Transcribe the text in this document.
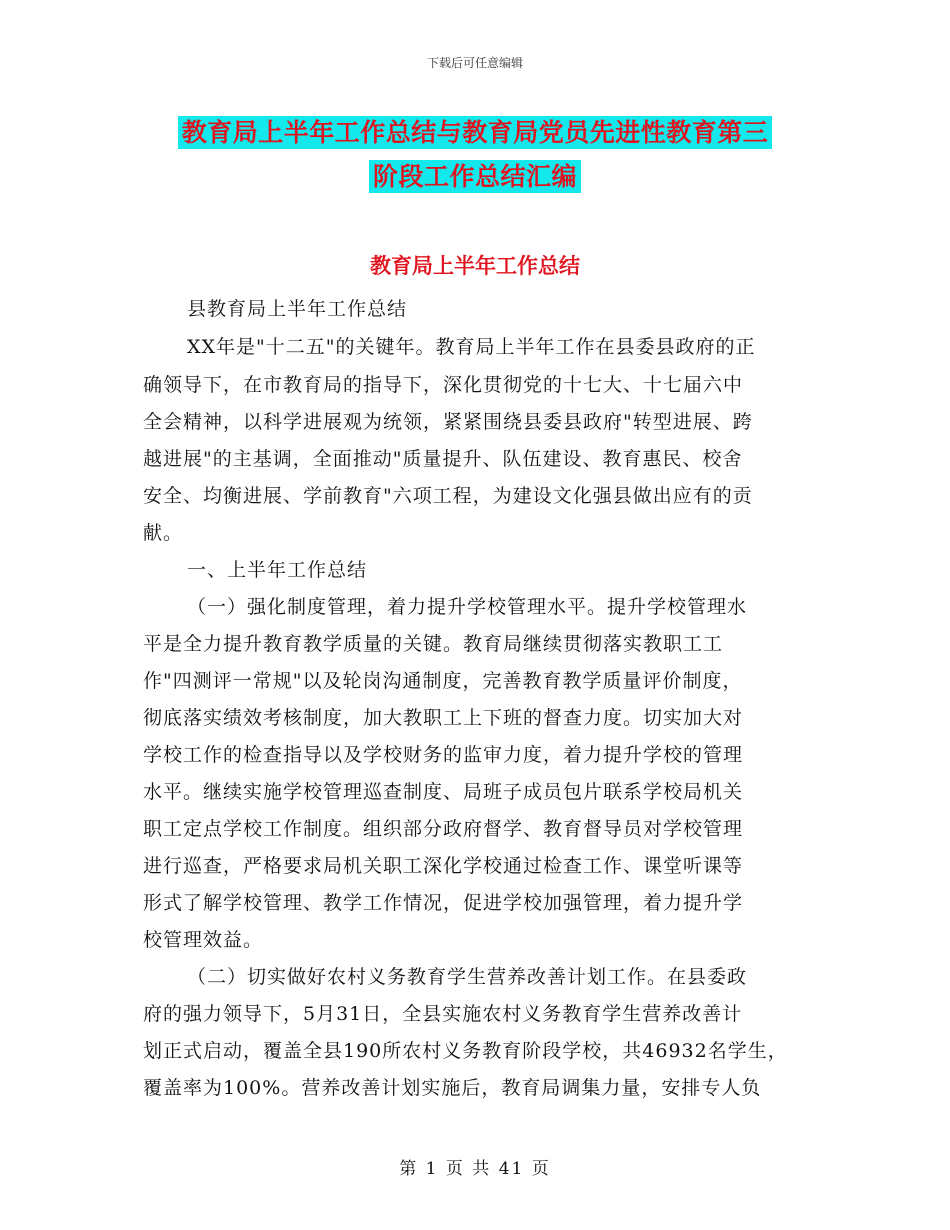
下载后可任意编辑
教育局上半年工作总结与教育局党员先进性教育第三
阶段工作总结汇编
教育局上半年工作总结
县教育局上半年工作总结
XX年是"十二五"的关键年。教育局上半年工作在县委县政府的正
确领导下，在市教育局的指导下，深化贯彻党的十七大、十七届六中
全会精神，以科学进展观为统领，紧紧围绕县委县政府"转型进展、跨
越进展"的主基调，全面推动"质量提升、队伍建设、教育惠民、校舍
安全、均衡进展、学前教育"六项工程，为建设文化强县做出应有的贡
献。
一、上半年工作总结
（一）强化制度管理，着力提升学校管理水平。提升学校管理水
平是全力提升教育教学质量的关键。教育局继续贯彻落实教职工工
作"四测评一常规"以及轮岗沟通制度，完善教育教学质量评价制度，
彻底落实绩效考核制度，加大教职工上下班的督查力度。切实加大对
学校工作的检查指导以及学校财务的监审力度，着力提升学校的管理
水平。继续实施学校管理巡查制度、局班子成员包片联系学校局机关
职工定点学校工作制度。组织部分政府督学、教育督导员对学校管理
进行巡查，严格要求局机关职工深化学校通过检查工作、课堂听课等
形式了解学校管理、教学工作情况，促进学校加强管理，着力提升学
校管理效益。
（二）切实做好农村义务教育学生营养改善计划工作。在县委政
府的强力领导下，5月31日，全县实施农村义务教育学生营养改善计
划正式启动，覆盖全县190所农村义务教育阶段学校，共46932名学生，
覆盖率为100%。营养改善计划实施后，教育局调集力量，安排专人负
第 1 页 共 41 页
